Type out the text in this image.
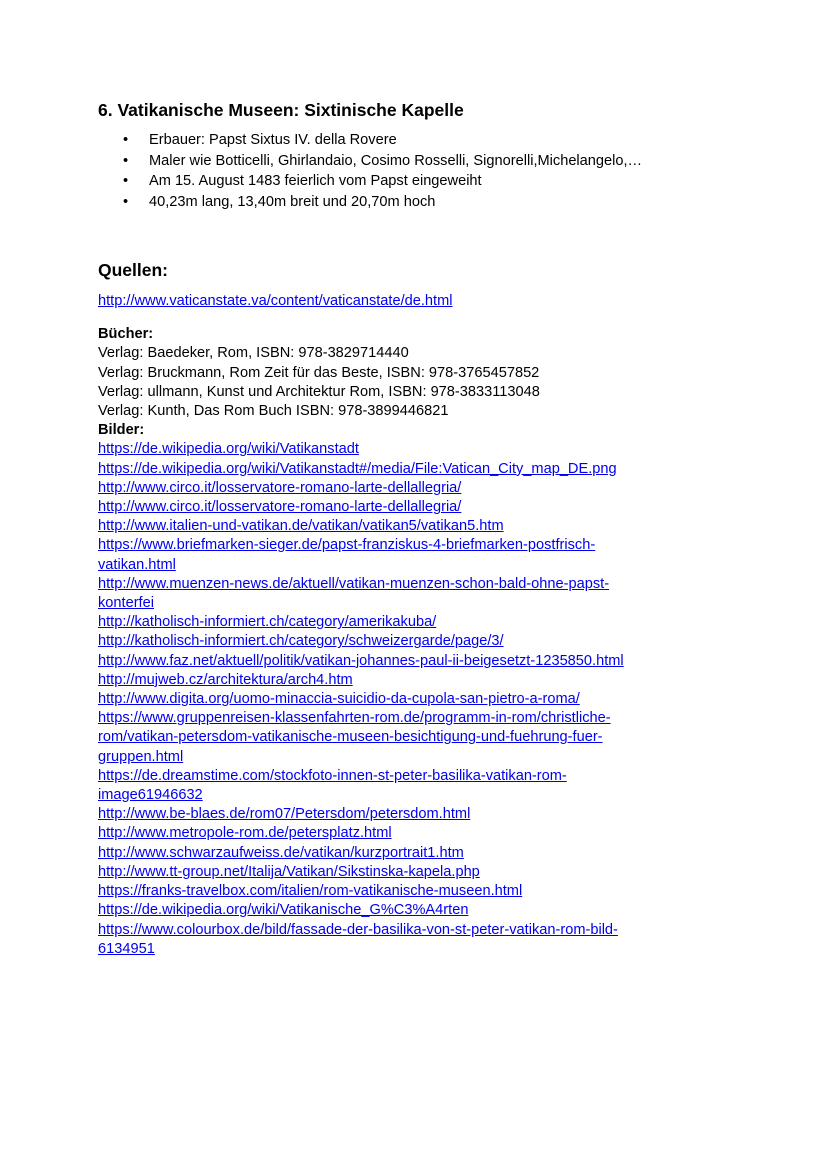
6. Vatikanische Museen: Sixtinische Kapelle
• Erbauer: Papst Sixtus IV. della Rovere
• Maler wie Botticelli, Ghirlandaio, Cosimo Rosselli, Signorelli,Michelangelo,…
• Am 15. August 1483 feierlich vom Papst eingeweiht
• 40,23m lang, 13,40m breit und 20,70m hoch
Quellen:
http://www.vaticanstate.va/content/vaticanstate/de.html
Bücher:
Verlag: Baedeker, Rom, ISBN: 978-3829714440
Verlag: Bruckmann, Rom Zeit für das Beste, ISBN: 978-3765457852
Verlag: ullmann, Kunst und Architektur Rom, ISBN: 978-3833113048
Verlag: Kunth, Das Rom Buch ISBN: 978-3899446821
Bilder:
https://de.wikipedia.org/wiki/Vatikanstadt
https://de.wikipedia.org/wiki/Vatikanstadt#/media/File:Vatican_City_map_DE.png
http://www.circo.it/losservatore-romano-larte-dellallegria/
http://www.circo.it/losservatore-romano-larte-dellallegria/
http://www.italien-und-vatikan.de/vatikan/vatikan5/vatikan5.htm
https://www.briefmarken-sieger.de/papst-franziskus-4-briefmarken-postfrisch-
vatikan.html
http://www.muenzen-news.de/aktuell/vatikan-muenzen-schon-bald-ohne-papst-
konterfei
http://katholisch-informiert.ch/category/amerikakuba/
http://katholisch-informiert.ch/category/schweizergarde/page/3/
http://www.faz.net/aktuell/politik/vatikan-johannes-paul-ii-beigesetzt-1235850.html
http://mujweb.cz/architektura/arch4.htm
http://www.digita.org/uomo-minaccia-suicidio-da-cupola-san-pietro-a-roma/
https://www.gruppenreisen-klassenfahrten-rom.de/programm-in-rom/christliche-
rom/vatikan-petersdom-vatikanische-museen-besichtigung-und-fuehrung-fuer-
gruppen.html
https://de.dreamstime.com/stockfoto-innen-st-peter-basilika-vatikan-rom-
image61946632
http://www.be-blaes.de/rom07/Petersdom/petersdom.html
http://www.metropole-rom.de/petersplatz.html
http://www.schwarzaufweiss.de/vatikan/kurzportrait1.htm
http://www.tt-group.net/Italija/Vatikan/Sikstinska-kapela.php
https://franks-travelbox.com/italien/rom-vatikanische-museen.html
https://de.wikipedia.org/wiki/Vatikanische_G%C3%A4rten
https://www.colourbox.de/bild/fassade-der-basilika-von-st-peter-vatikan-rom-bild-
6134951
